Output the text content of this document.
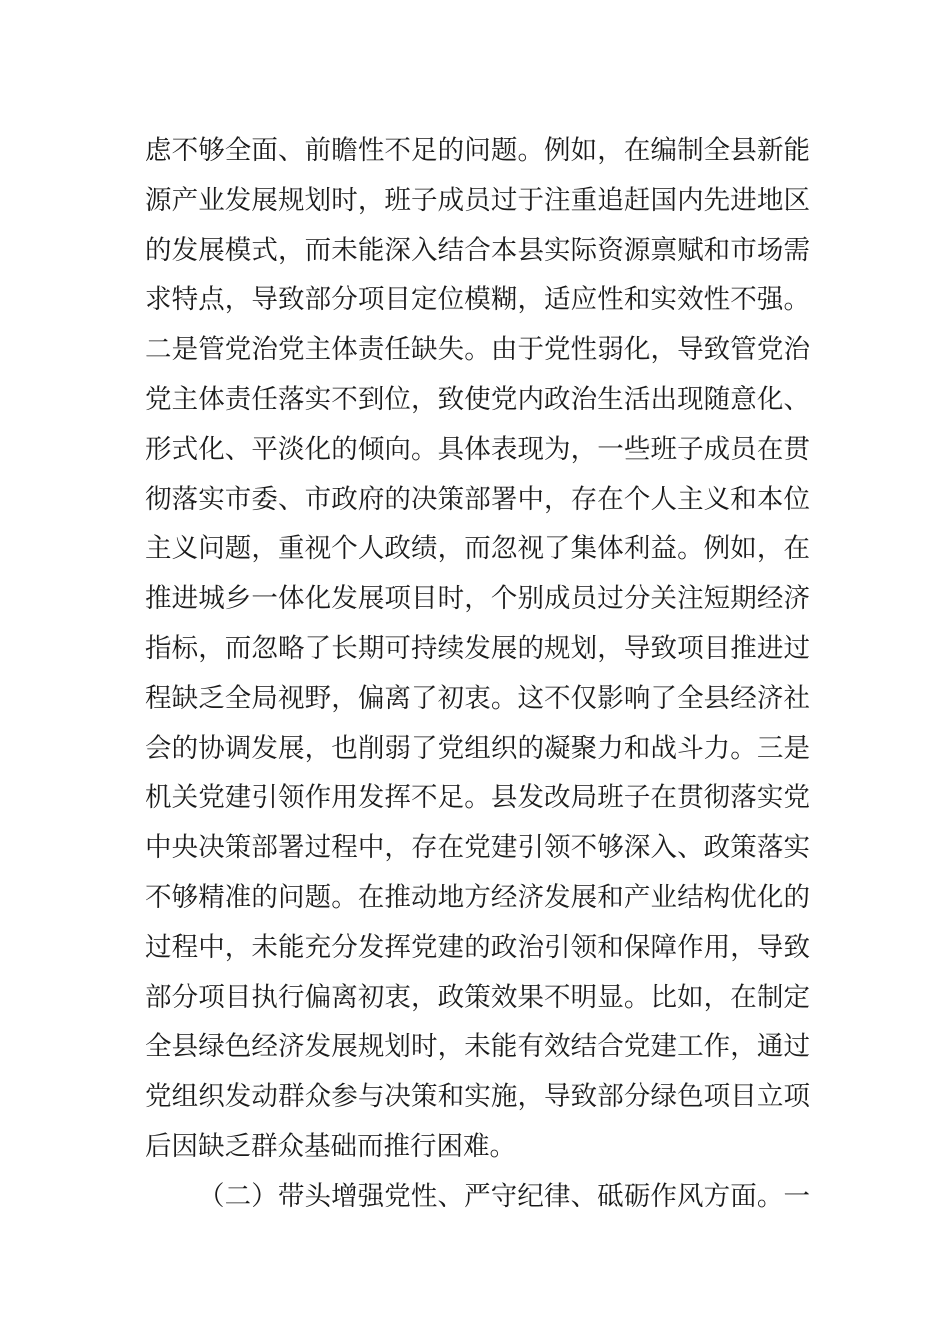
虑不够全面、前瞻性不足的问题。例如，在编制全县新能
源产业发展规划时，班子成员过于注重追赶国内先进地区
的发展模式，而未能深入结合本县实际资源禀赋和市场需
求特点，导致部分项目定位模糊，适应性和实效性不强。
二是管党治党主体责任缺失。由于党性弱化，导致管党治
党主体责任落实不到位，致使党内政治生活出现随意化、
形式化、平淡化的倾向。具体表现为，一些班子成员在贯
彻落实市委、市政府的决策部署中，存在个人主义和本位
主义问题，重视个人政绩，而忽视了集体利益。例如，在
推进城乡一体化发展项目时，个别成员过分关注短期经济
指标，而忽略了长期可持续发展的规划，导致项目推进过
程缺乏全局视野，偏离了初衷。这不仅影响了全县经济社
会的协调发展，也削弱了党组织的凝聚力和战斗力。三是
机关党建引领作用发挥不足。县发改局班子在贯彻落实党
中央决策部署过程中，存在党建引领不够深入、政策落实
不够精准的问题。在推动地方经济发展和产业结构优化的
过程中，未能充分发挥党建的政治引领和保障作用，导致
部分项目执行偏离初衷，政策效果不明显。比如，在制定
全县绿色经济发展规划时，未能有效结合党建工作，通过
党组织发动群众参与决策和实施，导致部分绿色项目立项
后因缺乏群众基础而推行困难。
（二）带头增强党性、严守纪律、砥砺作风方面。一
